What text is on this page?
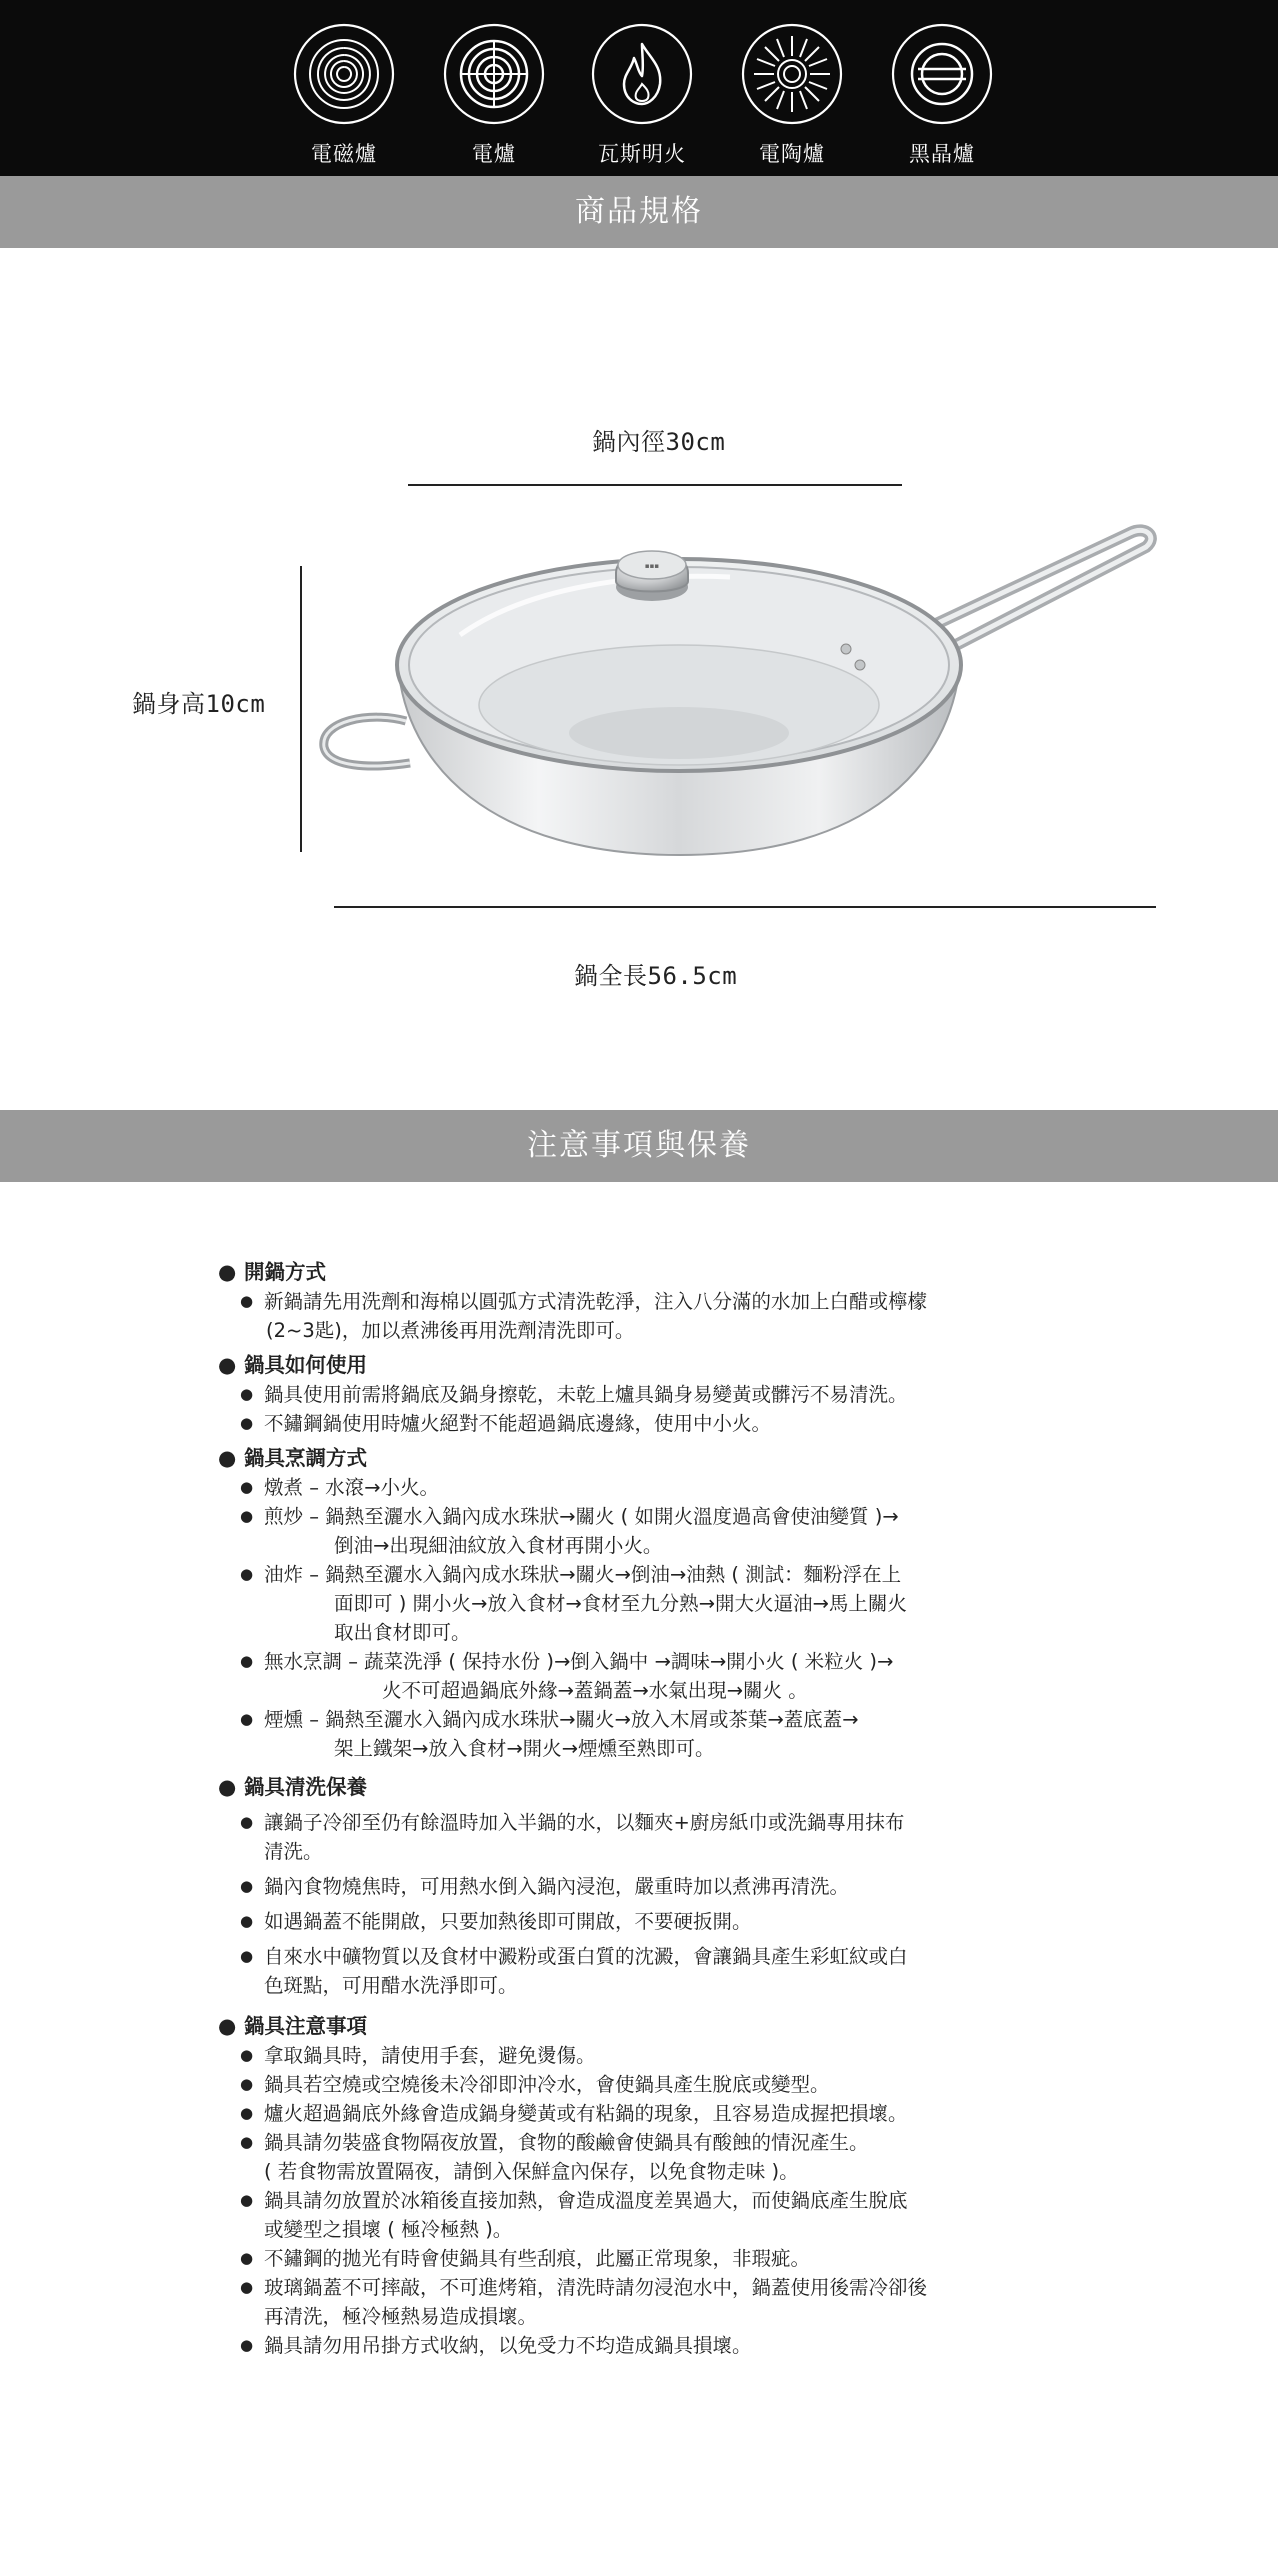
電磁爐	電爐	瓦斯明火	電陶爐	黑晶爐
商品規格
鍋內徑30cm
鍋身高10cm
鍋全長56.5cm
▪▪▪
注意事項與保養
● 開鍋方式
● 新鍋請先用洗劑和海棉以圓弧方式清洗乾淨，注入八分滿的水加上白醋或檸檬
(2~3匙)，加以煮沸後再用洗劑清洗即可。
● 鍋具如何使用
● 鍋具使用前需將鍋底及鍋身擦乾，未乾上爐具鍋身易變黃或髒污不易清洗。
● 不鏽鋼鍋使用時爐火絕對不能超過鍋底邊緣，使用中小火。
● 鍋具烹調方式
● 燉煮 – 水滾→小火。
● 煎炒 – 鍋熱至灑水入鍋內成水珠狀→關火 ( 如開火溫度過高會使油變質 )→
倒油→出現細油紋放入食材再開小火。
● 油炸 – 鍋熱至灑水入鍋內成水珠狀→關火→倒油→油熱 ( 測試：麵粉浮在上
面即可 ) 開小火→放入食材→食材至九分熟→開大火逼油→馬上關火
取出食材即可。
● 無水烹調 – 蔬菜洗淨 ( 保持水份 )→倒入鍋中 →調味→開小火 ( 米粒火 )→
火不可超過鍋底外緣→蓋鍋蓋→水氣出現→關火 。
● 煙燻 – 鍋熱至灑水入鍋內成水珠狀→關火→放入木屑或茶葉→蓋底蓋→
架上鐵架→放入食材→開火→煙燻至熟即可。
● 鍋具清洗保養
● 讓鍋子冷卻至仍有餘溫時加入半鍋的水，以麵夾+廚房紙巾或洗鍋專用抹布
清洗。
● 鍋內食物燒焦時，可用熱水倒入鍋內浸泡，嚴重時加以煮沸再清洗。
● 如遇鍋蓋不能開啟，只要加熱後即可開啟，不要硬扳開。
● 自來水中礦物質以及食材中澱粉或蛋白質的沈澱，會讓鍋具產生彩虹紋或白
色斑點，可用醋水洗淨即可。
● 鍋具注意事項
● 拿取鍋具時，請使用手套，避免燙傷。
● 鍋具若空燒或空燒後未冷卻即沖冷水，會使鍋具產生脫底或變型。
● 爐火超過鍋底外緣會造成鍋身變黃或有粘鍋的現象，且容易造成握把損壞。
● 鍋具請勿裝盛食物隔夜放置，食物的酸鹼會使鍋具有酸蝕的情況產生。
( 若食物需放置隔夜，請倒入保鮮盒內保存，以免食物走味 )。
● 鍋具請勿放置於冰箱後直接加熱，會造成溫度差異過大，而使鍋底產生脫底
或變型之損壞 ( 極冷極熱 )。
● 不鏽鋼的拋光有時會使鍋具有些刮痕，此屬正常現象，非瑕疵。
● 玻璃鍋蓋不可摔敲，不可進烤箱，清洗時請勿浸泡水中，鍋蓋使用後需冷卻後
再清洗，極冷極熱易造成損壞。
● 鍋具請勿用吊掛方式收納，以免受力不均造成鍋具損壞。
